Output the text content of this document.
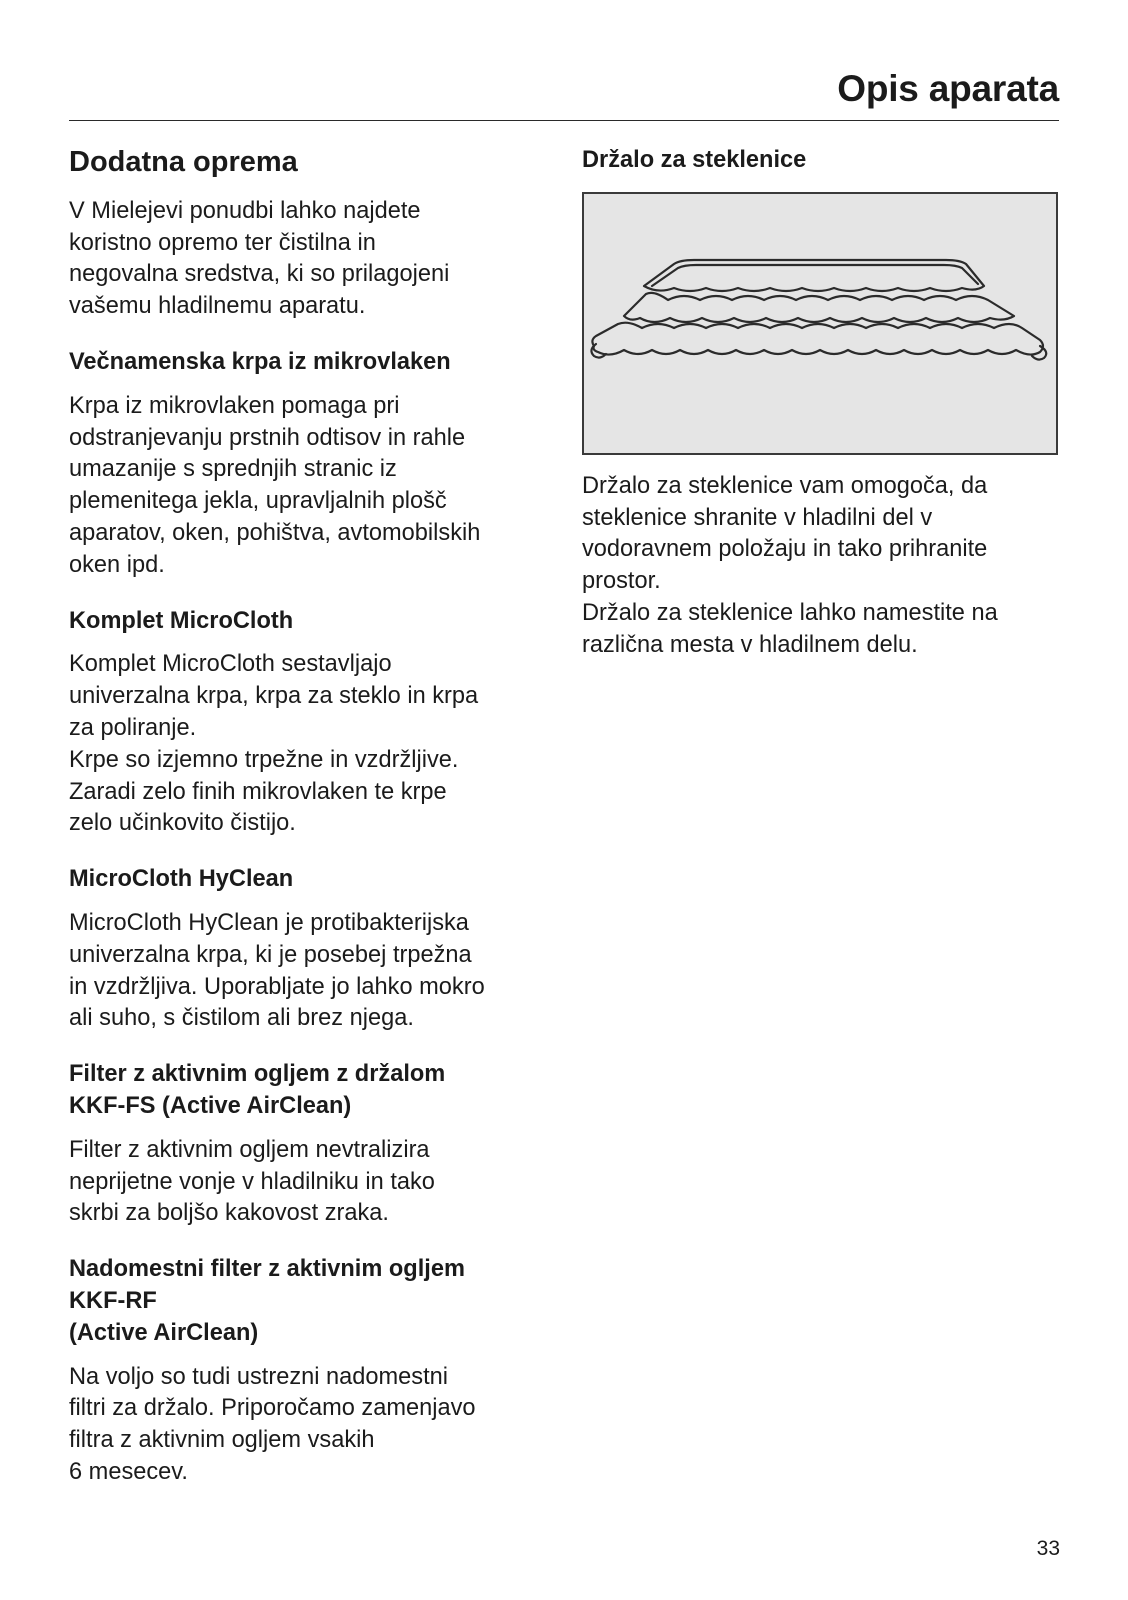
Opis aparata
Dodatna oprema

V Mielejevi ponudbi lahko najdete
koristno opremo ter čistilna in
negovalna sredstva, ki so prilagojeni
vašemu hladilnemu aparatu.

Večnamenska krpa iz mikrovlaken

Krpa iz mikrovlaken pomaga pri
odstranjevanju prstnih odtisov in rahle
umazanije s sprednjih stranic iz
plemenitega jekla, upravljalnih plošč
aparatov, oken, pohištva, avtomobilskih
oken ipd.

Komplet MicroCloth

Komplet MicroCloth sestavljajo
univerzalna krpa, krpa za steklo in krpa
za poliranje.
Krpe so izjemno trpežne in vzdržljive.
Zaradi zelo finih mikrovlaken te krpe
zelo učinkovito čistijo.

MicroCloth HyClean

MicroCloth HyClean je protibakterijska
univerzalna krpa, ki je posebej trpežna
in vzdržljiva. Uporabljate jo lahko mokro
ali suho, s čistilom ali brez njega.

Filter z aktivnim ogljem z držalom
KKF-FS (Active AirClean)

Filter z aktivnim ogljem nevtralizira
neprijetne vonje v hladilniku in tako
skrbi za boljšo kakovost zraka.

Nadomestni filter z aktivnim ogljem
KKF-RF
(Active AirClean)

Na voljo so tudi ustrezni nadomestni
filtri za držalo. Priporočamo zamenjavo
filtra z aktivnim ogljem vsakih
6 mesecev.

Držalo za steklenice

Držalo za steklenice vam omogoča, da
steklenice shranite v hladilni del v
vodoravnem položaju in tako prihranite
prostor.
Držalo za steklenice lahko namestite na
različna mesta v hladilnem delu.

33
